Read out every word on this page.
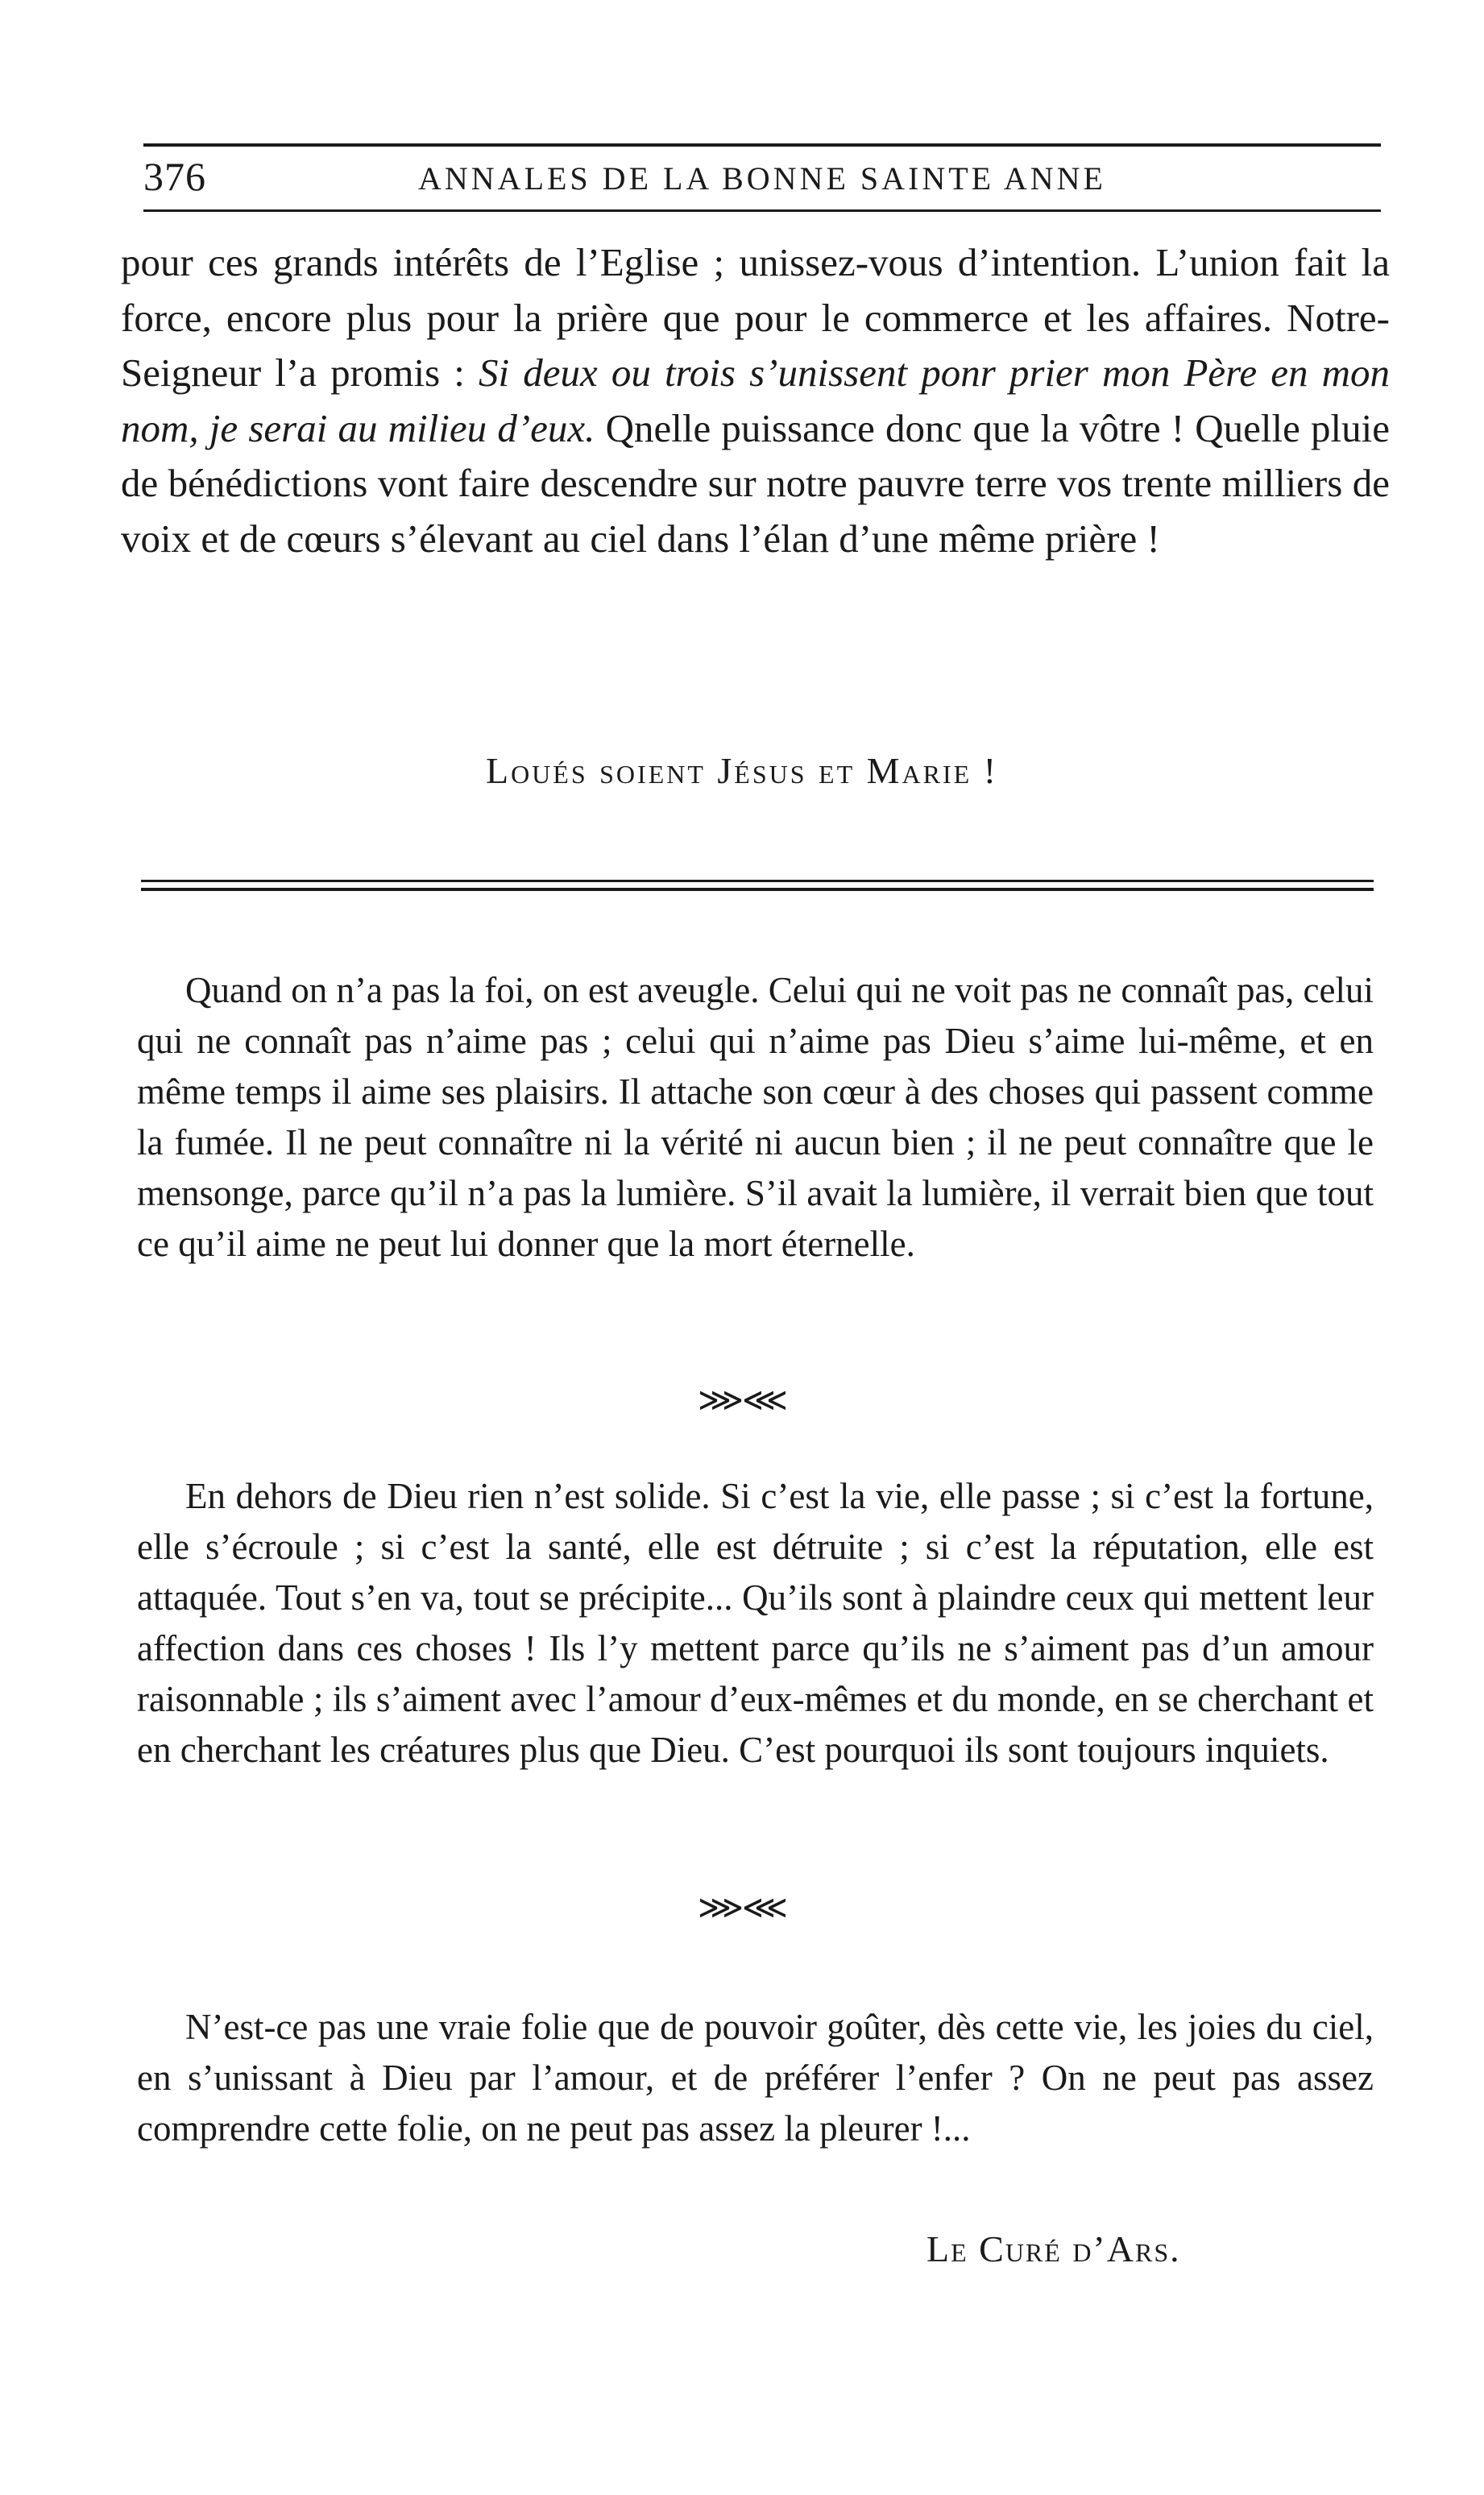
376	ANNALES DE LA BONNE SAINTE ANNE

pour ces grands intérêts de l’Eglise ; unissez-vous d’intention. L’union fait la force, encore plus pour la prière que pour le commerce et les affaires. Notre-Seigneur l’a promis : Si deux ou trois s’unissent ponr prier mon Père en mon nom, je serai au milieu d’eux. Qnelle puissance donc que la vôtre ! Quelle pluie de bénédictions vont faire descendre sur notre pauvre terre vos trente milliers de voix et de cœurs s’élevant au ciel dans l’élan d’une même prière !

Loués soient Jésus et Marie !

Quand on n’a pas la foi, on est aveugle. Celui qui ne voit pas ne connaît pas, celui qui ne connaît pas n’aime pas ; celui qui n’aime pas Dieu s’aime lui-même, et en même temps il aime ses plaisirs. Il attache son cœur à des choses qui passent comme la fumée. Il ne peut connaître ni la vérité ni aucun bien ; il ne peut connaître que le mensonge, parce qu’il n’a pas la lumière. S’il avait la lumière, il verrait bien que tout ce qu’il aime ne peut lui donner que la mort éternelle.

⋙⋘

En dehors de Dieu rien n’est solide. Si c’est la vie, elle passe ; si c’est la fortune, elle s’écroule ; si c’est la santé, elle est détruite ; si c’est la réputation, elle est attaquée. Tout s’en va, tout se précipite... Qu’ils sont à plaindre ceux qui mettent leur affection dans ces choses ! Ils l’y mettent parce qu’ils ne s’aiment pas d’un amour raisonnable ; ils s’aiment avec l’amour d’eux-mêmes et du monde, en se cherchant et en cherchant les créatures plus que Dieu. C’est pourquoi ils sont toujours inquiets.

⋙⋘

N’est-ce pas une vraie folie que de pouvoir goûter, dès cette vie, les joies du ciel, en s’unissant à Dieu par l’amour, et de préférer l’enfer ? On ne peut pas assez comprendre cette folie, on ne peut pas assez la pleurer !...

Le Curé d’Ars.
